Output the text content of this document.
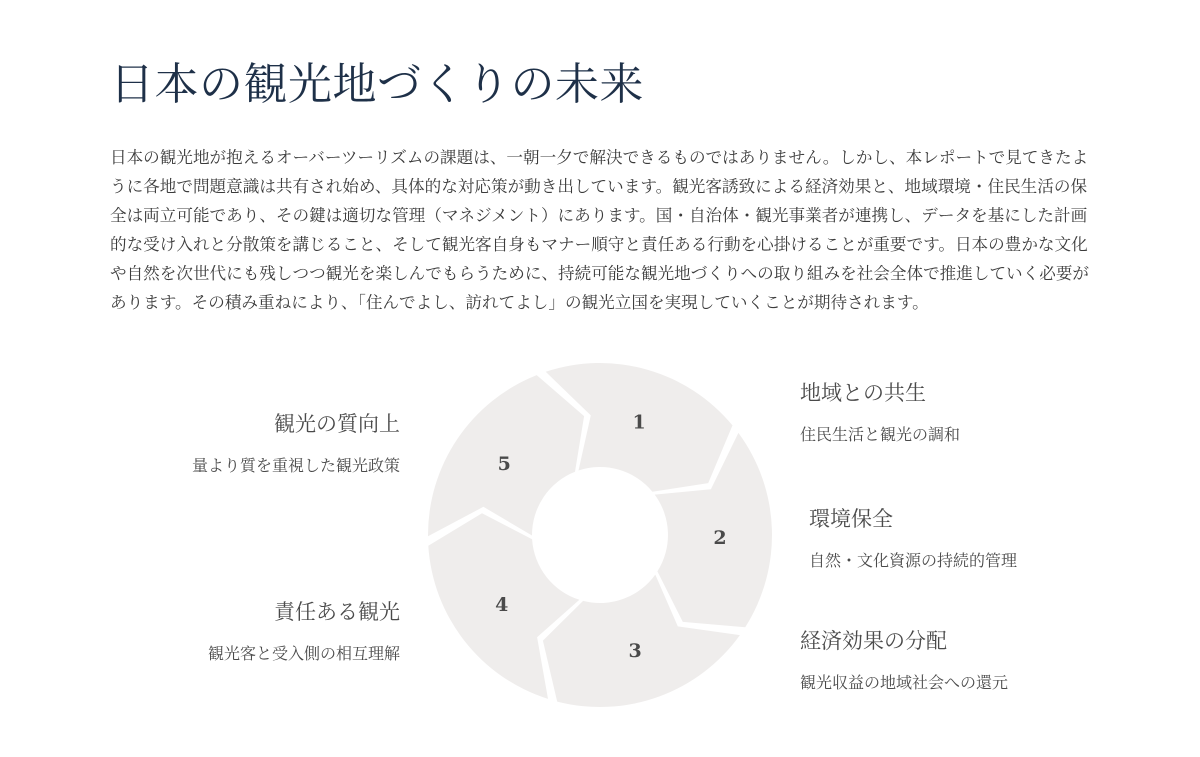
日本の観光地づくりの未来

日本の観光地が抱えるオーバーツーリズムの課題は、一朝一夕で解決できるものではありません。しかし、本レポートで見てきたように各地で問題意識は共有され始め、具体的な対応策が動き出しています。観光客誘致による経済効果と、地域環境・住民生活の保全は両立可能であり、その鍵は適切な管理（マネジメント）にあります。国・自治体・観光事業者が連携し、データを基にした計画的な受け入れと分散策を講じること、そして観光客自身もマナー順守と責任ある行動を心掛けることが重要です。日本の豊かな文化や自然を次世代にも残しつつ観光を楽しんでもらうために、持続可能な観光地づくりへの取り組みを社会全体で推進していく必要があります。その積み重ねにより、「住んでよし、訪れてよし」の観光立国を実現していくことが期待されます。

1
2
3
4
5

観光の質向上

量より質を重視した観光政策

地域との共生

住民生活と観光の調和

環境保全

自然・文化資源の持続的管理

経済効果の分配

観光収益の地域社会への還元

責任ある観光

観光客と受入側の相互理解
